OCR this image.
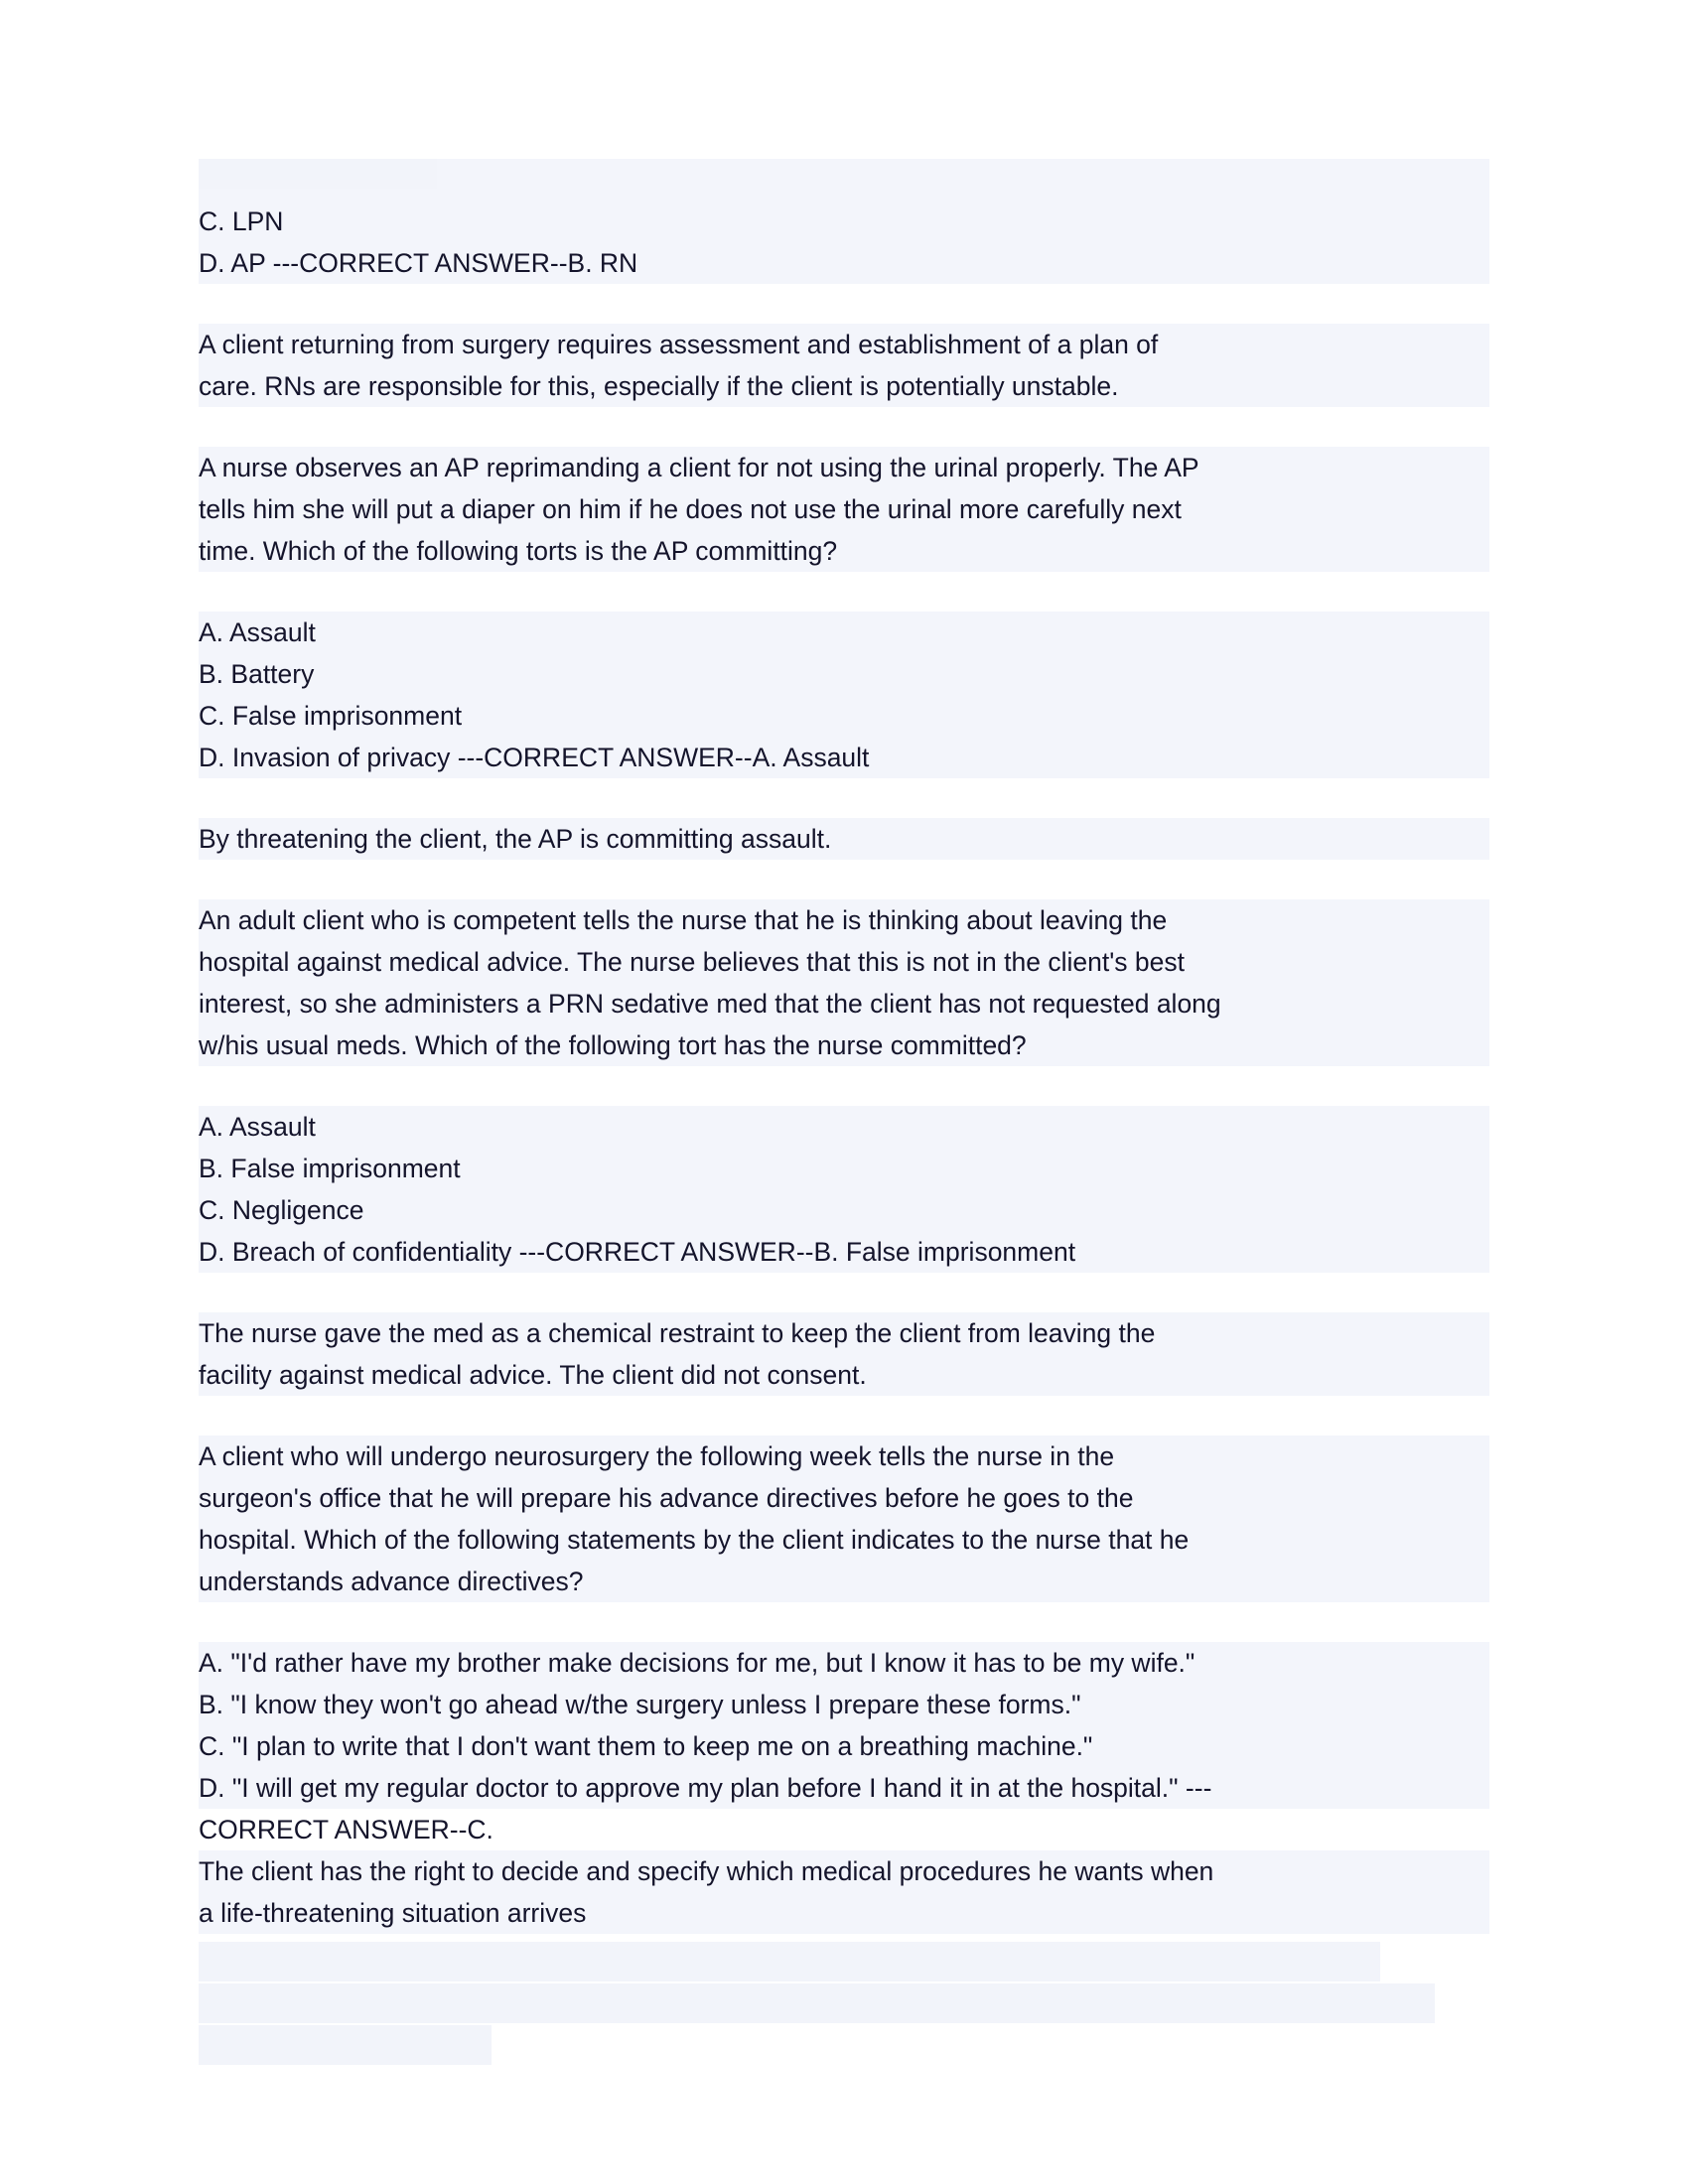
C. LPN
D. AP ---CORRECT ANSWER--B. RN
A client returning from surgery requires assessment and establishment of a plan of
care. RNs are responsible for this, especially if the client is potentially unstable.
A nurse observes an AP reprimanding a client for not using the urinal properly. The AP
tells him she will put a diaper on him if he does not use the urinal more carefully next
time. Which of the following torts is the AP committing?
A. Assault
B. Battery
C. False imprisonment
D. Invasion of privacy ---CORRECT ANSWER--A. Assault
By threatening the client, the AP is committing assault.
An adult client who is competent tells the nurse that he is thinking about leaving the
hospital against medical advice. The nurse believes that this is not in the client's best
interest, so she administers a PRN sedative med that the client has not requested along
w/his usual meds. Which of the following tort has the nurse committed?
A. Assault
B. False imprisonment
C. Negligence
D. Breach of confidentiality ---CORRECT ANSWER--B. False imprisonment
The nurse gave the med as a chemical restraint to keep the client from leaving the
facility against medical advice. The client did not consent.
A client who will undergo neurosurgery the following week tells the nurse in the
surgeon's office that he will prepare his advance directives before he goes to the
hospital. Which of the following statements by the client indicates to the nurse that he
understands advance directives?
A. "I'd rather have my brother make decisions for me, but I know it has to be my wife."
B. "I know they won't go ahead w/the surgery unless I prepare these forms."
C. "I plan to write that I don't want them to keep me on a breathing machine."
D. "I will get my regular doctor to approve my plan before I hand it in at the hospital." ---
CORRECT ANSWER--C.
The client has the right to decide and specify which medical procedures he wants when
a life-threatening situation arrives
